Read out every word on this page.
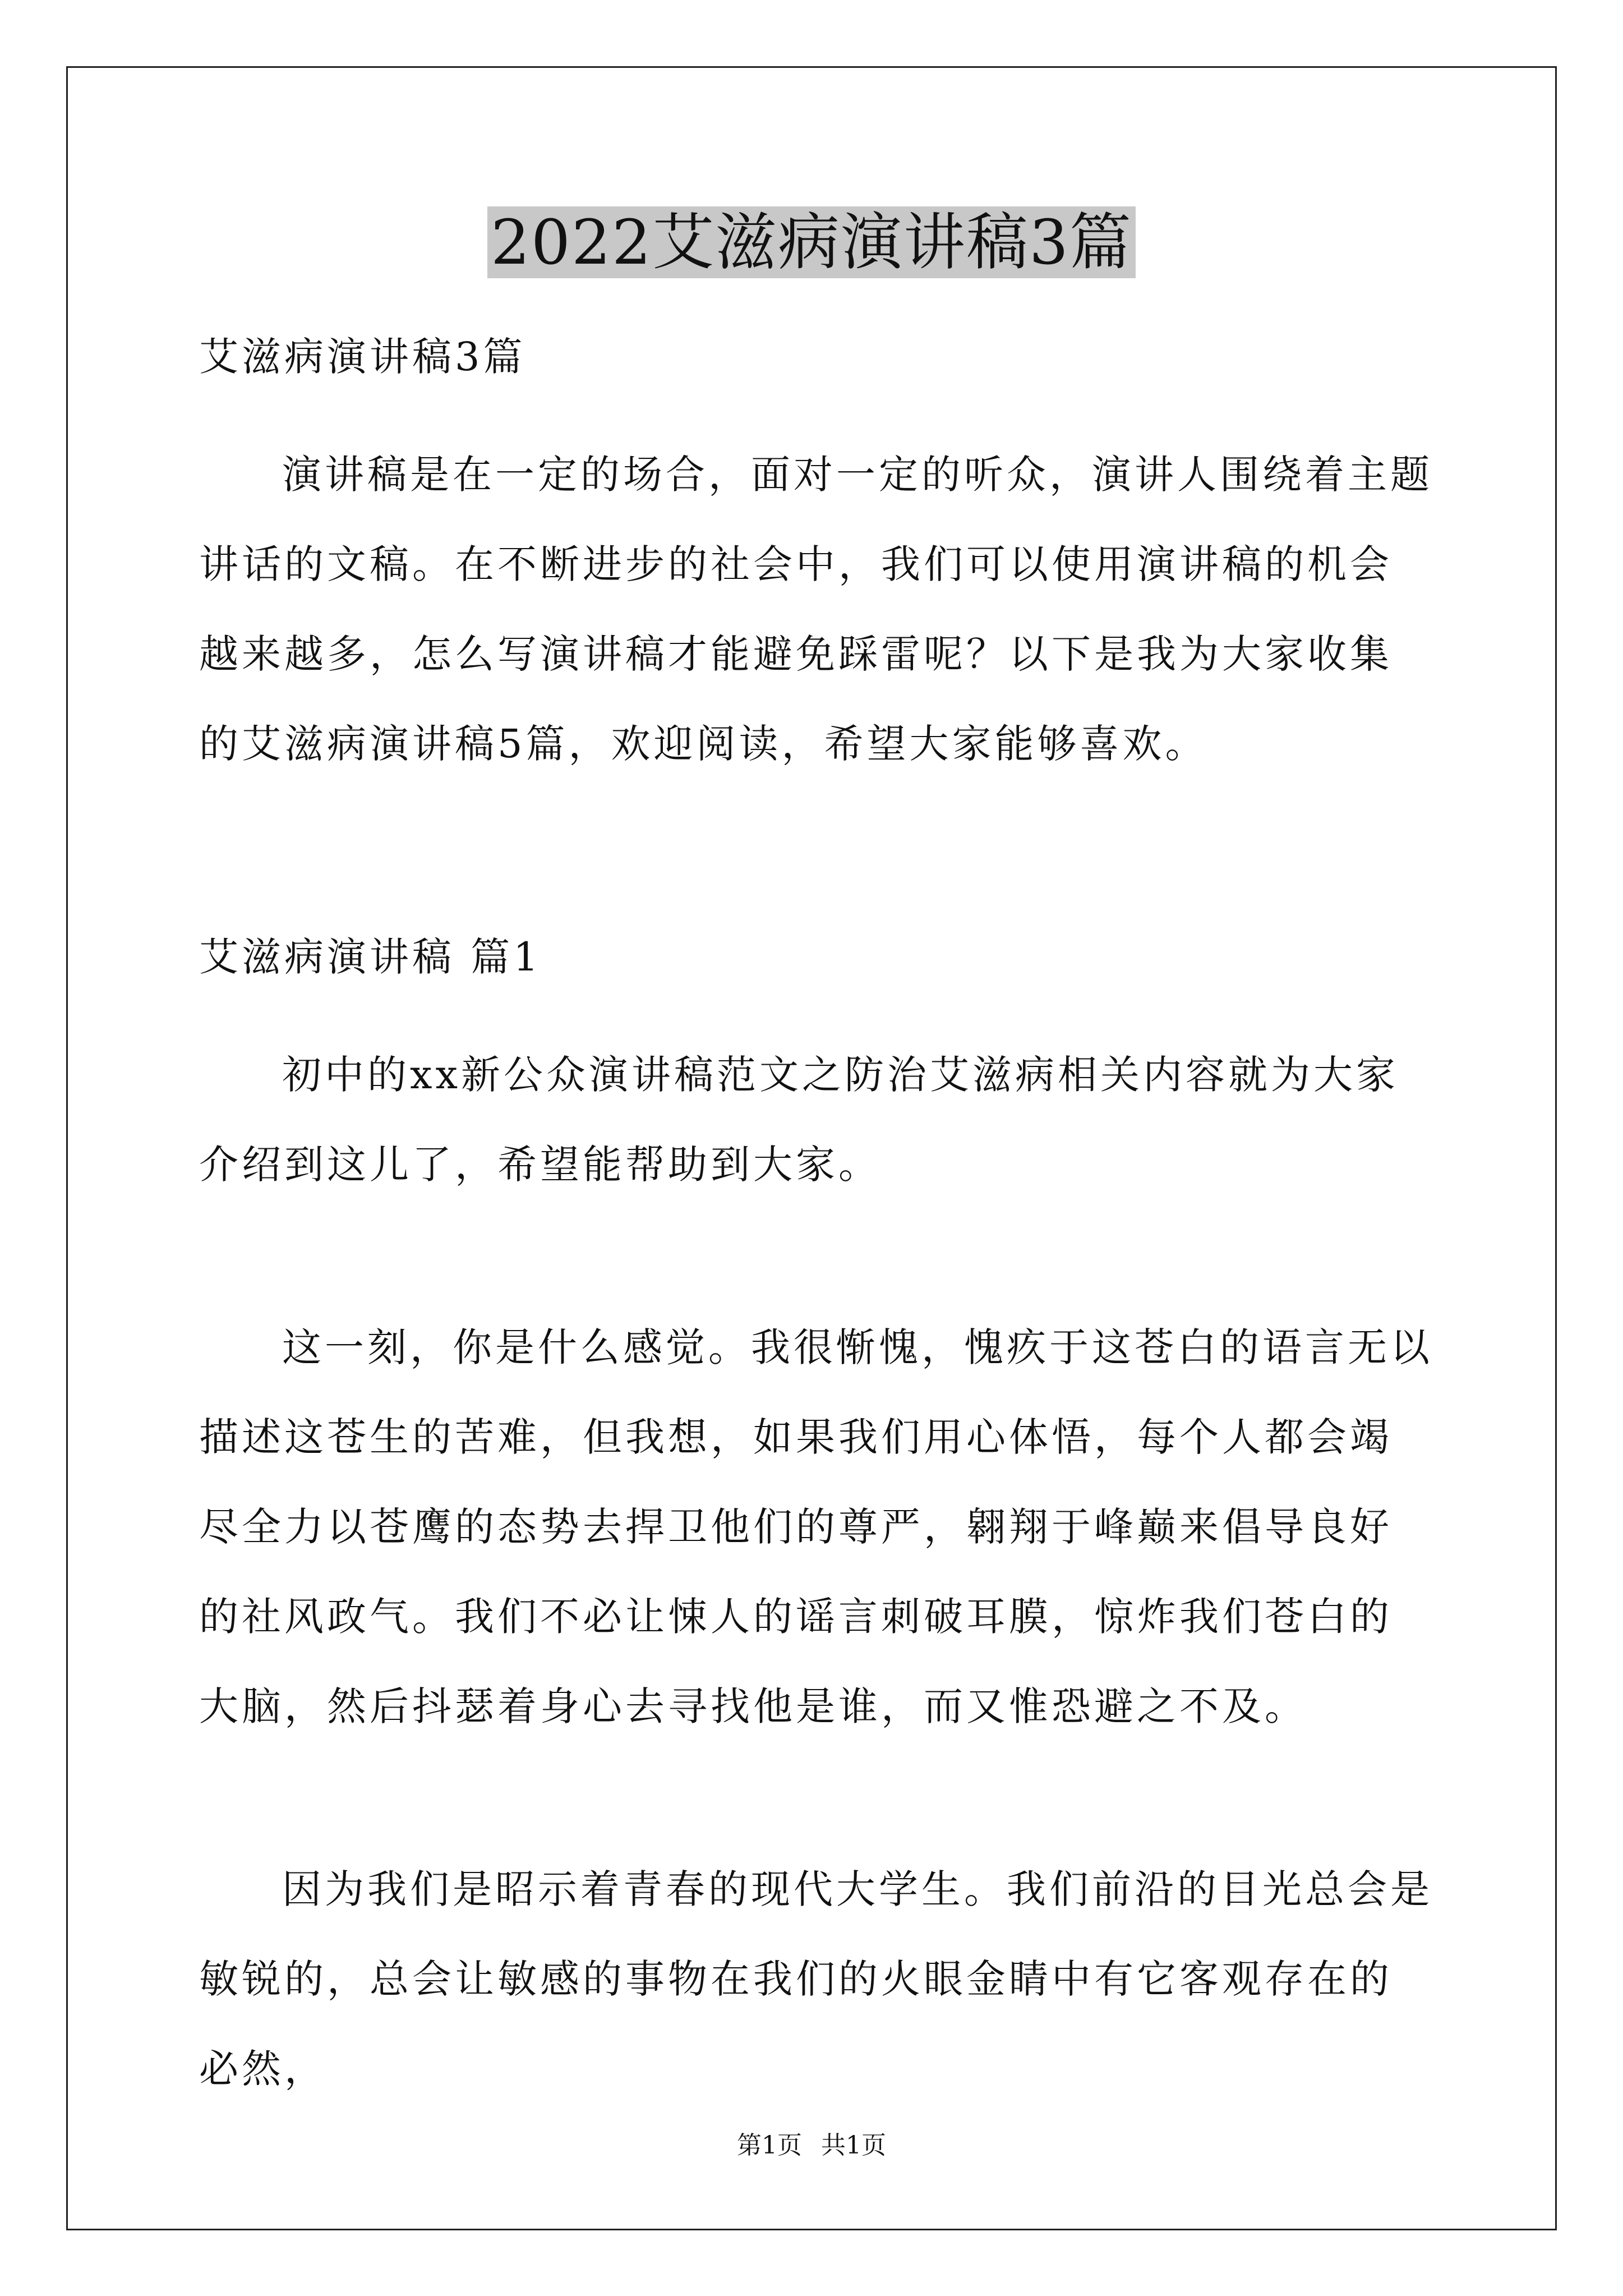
2022艾滋病演讲稿3篇

艾滋病演讲稿3篇

演讲稿是在一定的场合，面对一定的听众，演讲人围绕着主题讲话的文稿。在不断进步的社会中，我们可以使用演讲稿的机会越来越多，怎么写演讲稿才能避免踩雷呢？以下是我为大家收集的艾滋病演讲稿5篇，欢迎阅读，希望大家能够喜欢。

艾滋病演讲稿 篇1

初中的xx新公众演讲稿范文之防治艾滋病相关内容就为大家介绍到这儿了，希望能帮助到大家。

这一刻，你是什么感觉。我很惭愧，愧疚于这苍白的语言无以描述这苍生的苦难，但我想，如果我们用心体悟，每个人都会竭尽全力以苍鹰的态势去捍卫他们的尊严，翱翔于峰巅来倡导良好的社风政气。我们不必让悚人的谣言刺破耳膜，惊炸我们苍白的大脑，然后抖瑟着身心去寻找他是谁，而又惟恐避之不及。

因为我们是昭示着青春的现代大学生。我们前沿的目光总会是敏锐的，总会让敏感的事物在我们的火眼金睛中有它客观存在的必然，

第1页 共1页
